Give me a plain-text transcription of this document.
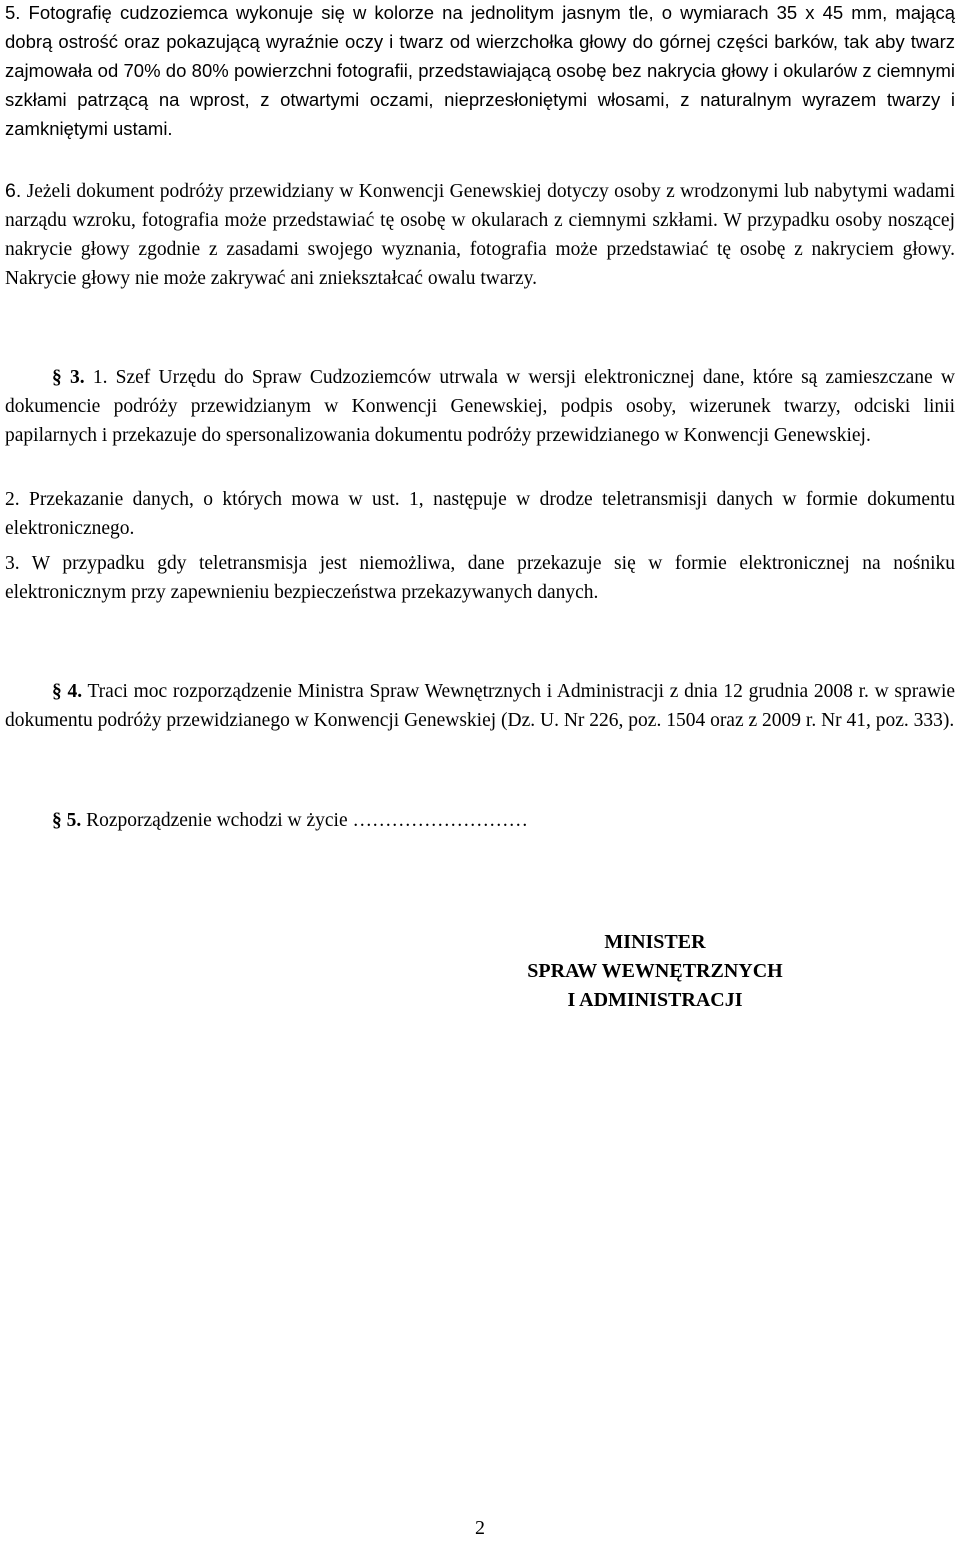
5. Fotografię cudzoziemca wykonuje się w kolorze na jednolitym jasnym tle, o wymiarach 35 x 45 mm, mającą dobrą ostrość oraz pokazującą wyraźnie oczy i twarz od wierzchołka głowy do górnej części barków, tak aby twarz zajmowała od 70% do 80% powierzchni fotografii, przedstawiającą osobę bez nakrycia głowy i okularów z ciemnymi szkłami patrzącą na wprost, z otwartymi oczami, nieprzesłoniętymi włosami, z naturalnym wyrazem twarzy i zamkniętymi ustami.

6. Jeżeli dokument podróży przewidziany w Konwencji Genewskiej dotyczy osoby z wrodzonymi lub nabytymi wadami narządu wzroku, fotografia może przedstawiać tę osobę w okularach z ciemnymi szkłami. W przypadku osoby noszącej nakrycie głowy zgodnie z zasadami swojego wyznania, fotografia może przedstawiać tę osobę z nakryciem głowy. Nakrycie głowy nie może zakrywać ani zniekształcać owalu twarzy.

§ 3. 1. Szef Urzędu do Spraw Cudzoziemców utrwala w wersji elektronicznej dane, które są zamieszczane w dokumencie podróży przewidzianym w Konwencji Genewskiej, podpis osoby, wizerunek twarzy, odciski linii papilarnych i przekazuje do spersonalizowania dokumentu podróży przewidzianego w Konwencji Genewskiej.

2. Przekazanie danych, o których mowa w ust. 1, następuje w drodze teletransmisji danych w formie dokumentu elektronicznego.

3. W przypadku gdy teletransmisja jest niemożliwa, dane przekazuje się w formie elektronicznej na nośniku elektronicznym przy zapewnieniu bezpieczeństwa przekazywanych danych.

§ 4. Traci moc rozporządzenie Ministra Spraw Wewnętrznych i Administracji z dnia 12 grudnia 2008 r. w sprawie dokumentu podróży przewidzianego w Konwencji Genewskiej (Dz. U. Nr 226, poz. 1504 oraz z 2009 r. Nr 41, poz. 333).

§ 5. Rozporządzenie wchodzi w życie ………………………

MINISTER
SPRAW WEWNĘTRZNYCH
I ADMINISTRACJI
2
